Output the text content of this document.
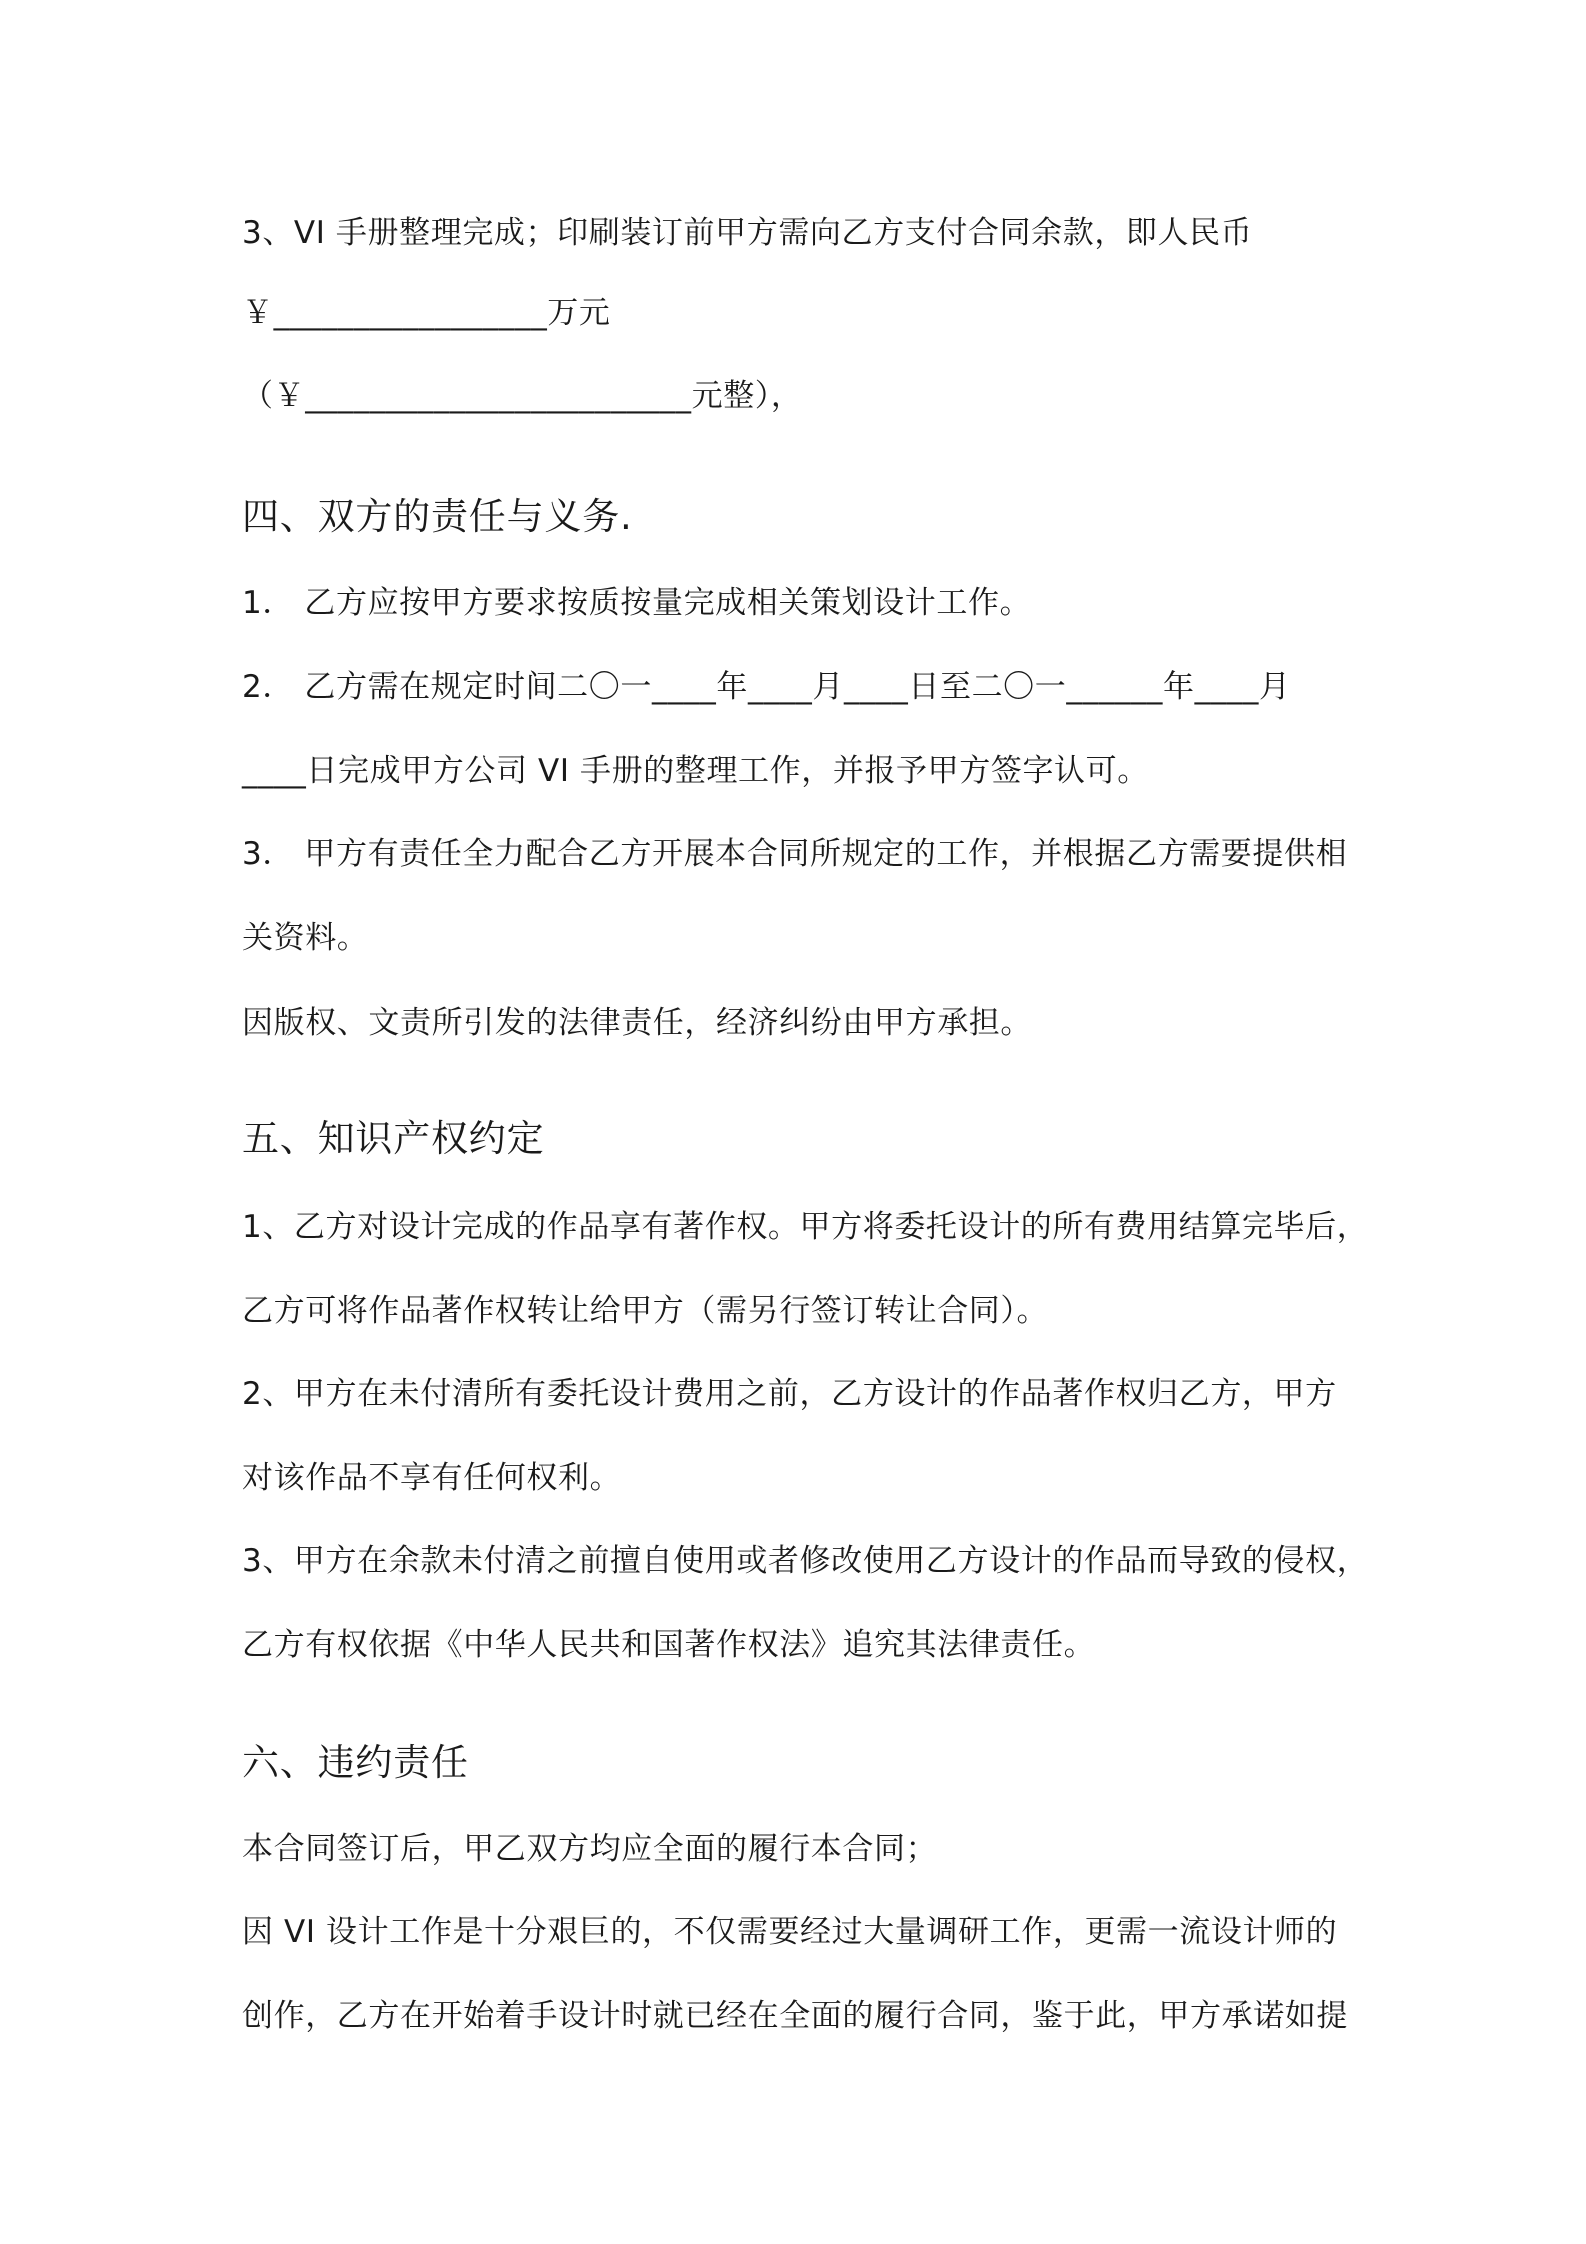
3、VI 手册整理完成；印刷装订前甲方需向乙方支付合同余款，即人民币
￥_________________万元
（￥________________________元整），
四、双方的责任与义务.
1． 乙方应按甲方要求按质按量完成相关策划设计工作。
2． 乙方需在规定时间二〇一____年____月____日至二〇一______年____月
____日完成甲方公司 VI 手册的整理工作，并报予甲方签字认可。
3． 甲方有责任全力配合乙方开展本合同所规定的工作，并根据乙方需要提供相
关资料。
因版权、文责所引发的法律责任，经济纠纷由甲方承担。
五、知识产权约定
1、乙方对设计完成的作品享有著作权。甲方将委托设计的所有费用结算完毕后，
乙方可将作品著作权转让给甲方（需另行签订转让合同）。
2、甲方在未付清所有委托设计费用之前，乙方设计的作品著作权归乙方，甲方
对该作品不享有任何权利。
3、甲方在余款未付清之前擅自使用或者修改使用乙方设计的作品而导致的侵权，
乙方有权依据《中华人民共和国著作权法》追究其法律责任。
六、违约责任
本合同签订后，甲乙双方均应全面的履行本合同；
因 VI 设计工作是十分艰巨的，不仅需要经过大量调研工作，更需一流设计师的
创作，乙方在开始着手设计时就已经在全面的履行合同，鉴于此，甲方承诺如提
